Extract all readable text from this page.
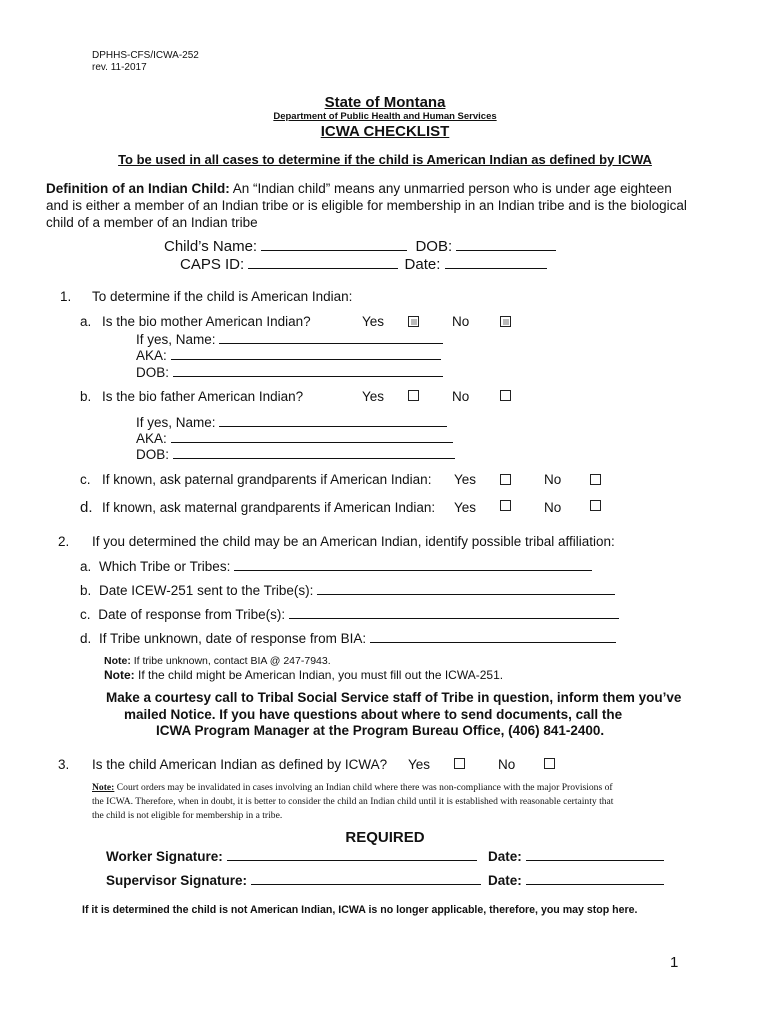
DPHHS-CFS/ICWA-252
rev. 11-2017
State of Montana
Department of Public Health and Human Services
ICWA CHECKLIST
To be used in all cases to determine if the child is American Indian as defined by ICWA
Definition of an Indian Child: An “Indian child” means any unmarried person who is under age eighteen
and is either a member of an Indian tribe or is eligible for membership in an Indian tribe and is the biological
child of a member of an Indian tribe
Child’s Name:	DOB:
CAPS ID:	Date:
1. To determine if the child is American Indian:
a. Is the bio mother American Indian?	Yes	No
If yes, Name:
AKA:
DOB:
b. Is the bio father American Indian?	Yes	No
If yes, Name:
AKA:
DOB:
c. If known, ask paternal grandparents if American Indian: Yes	No
d. If known, ask maternal grandparents if American Indian: Yes	No
2. If you determined the child may be an American Indian, identify possible tribal affiliation:
a. Which Tribe or Tribes:
b. Date ICEW-251 sent to the Tribe(s):
c. Date of response from Tribe(s):
d. If Tribe unknown, date of response from BIA:
Note: If tribe unknown, contact BIA @ 247-7943.
Note: If the child might be American Indian, you must fill out the ICWA-251.
Make a courtesy call to Tribal Social Service staff of Tribe in question, inform them you’ve
mailed Notice. If you have questions about where to send documents, call the
ICWA Program Manager at the Program Bureau Office, (406) 841-2400.
3. Is the child American Indian as defined by ICWA? Yes	No
Note: Court orders may be invalidated in cases involving an Indian child where there was non-compliance with the major Provisions of
the ICWA. Therefore, when in doubt, it is better to consider the child an Indian child until it is established with reasonable certainty that
the child is not eligible for membership in a tribe.
REQUIRED
Worker Signature:	Date:
Supervisor Signature:	Date:
If it is determined the child is not American Indian, ICWA is no longer applicable, therefore, you may stop here.
1
